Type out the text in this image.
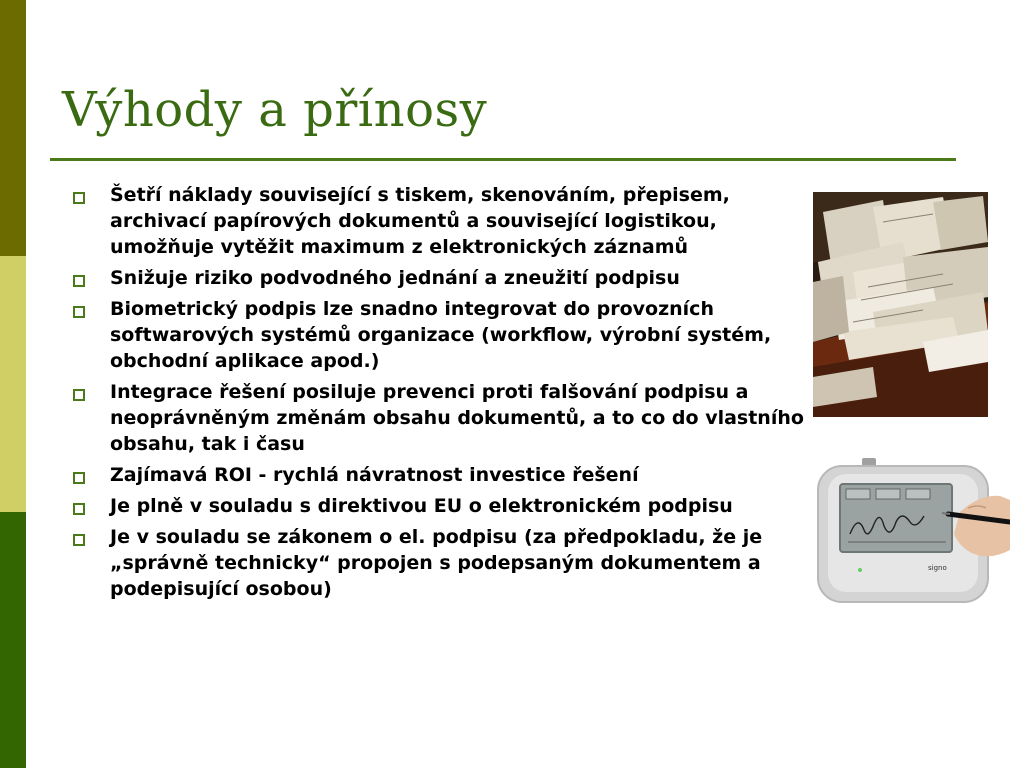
Výhody a přínosy
Šetří náklady související s tiskem, skenováním, přepisem, archivací papírových dokumentů a související logistikou, umožňuje vytěžit maximum z elektronických záznamů
Snižuje riziko podvodného jednání a zneužití podpisu
Biometrický podpis lze snadno integrovat do provozních softwarových systémů organizace (workflow, výrobní systém, obchodní aplikace apod.)
Integrace řešení posiluje prevenci proti falšování podpisu a neoprávněným změnám obsahu dokumentů, a to co do vlastního obsahu, tak i času
Zajímavá ROI - rychlá návratnost investice řešení
Je plně v souladu s direktivou EU o elektronickém podpisu
Je v souladu se zákonem o el. podpisu (za předpokladu, že je „správně technicky“ propojen s podepsaným dokumentem a podepisující osobou)
signo
